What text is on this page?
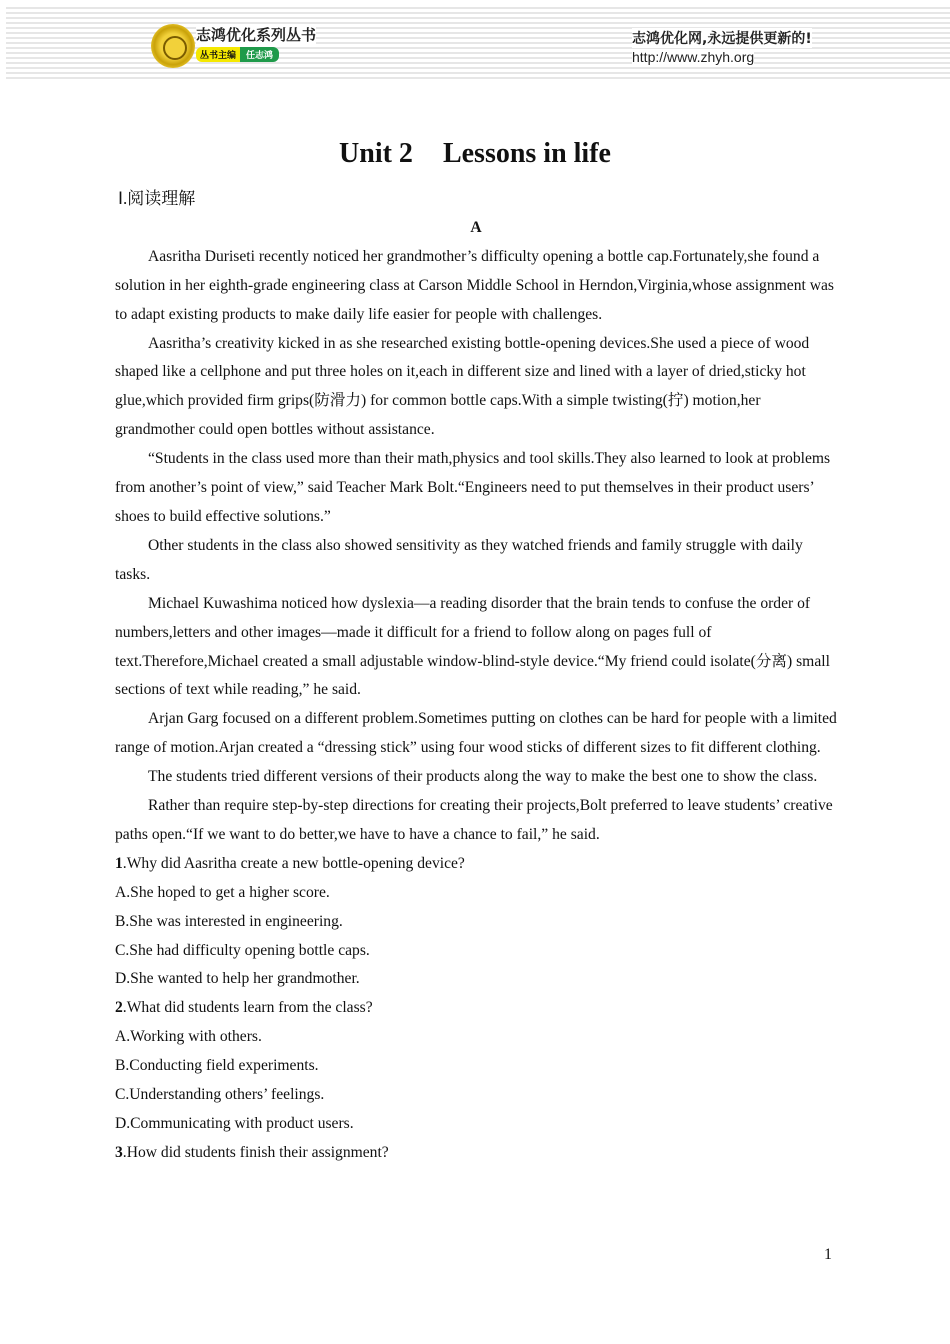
志鸿优化系列丛书
丛书主编	任志鸿
志鸿优化网,永远提供更新的!
http://www.zhyh.org
Unit 2 Lessons in life

Ⅰ.阅读理解

A

Aasritha Duriseti recently noticed her grandmother’s difficulty opening a bottle cap.Fortunately,she found a solution in her eighth-grade engineering class at Carson Middle School in Herndon,Virginia,whose assignment was to adapt existing products to make daily life easier for people with challenges.

Aasritha’s creativity kicked in as she researched existing bottle-opening devices.She used a piece of wood shaped like a cellphone and put three holes on it,each in different size and lined with a layer of dried,sticky hot glue,which provided firm grips(防滑力) for common bottle caps.With a simple twisting(拧) motion,her grandmother could open bottles without assistance.

“Students in the class used more than their math,physics and tool skills.They also learned to look at problems from another’s point of view,” said Teacher Mark Bolt.“Engineers need to put themselves in their product users’ shoes to build effective solutions.”

Other students in the class also showed sensitivity as they watched friends and family struggle with daily tasks.

Michael Kuwashima noticed how dyslexia—a reading disorder that the brain tends to confuse the order of numbers,letters and other images—made it difficult for a friend to follow along on pages full of text.Therefore,Michael created a small adjustable window-blind-style device.“My friend could isolate(分离) small sections of text while reading,” he said.

Arjan Garg focused on a different problem.Sometimes putting on clothes can be hard for people with a limited range of motion.Arjan created a “dressing stick” using four wood sticks of different sizes to fit different clothing.

The students tried different versions of their products along the way to make the best one to show the class.

Rather than require step-by-step directions for creating their projects,Bolt preferred to leave students’ creative paths open.“If we want to do better,we have to have a chance to fail,” he said.

1.Why did Aasritha create a new bottle-opening device?

A.She hoped to get a higher score.

B.She was interested in engineering.

C.She had difficulty opening bottle caps.

D.She wanted to help her grandmother.

2.What did students learn from the class?

A.Working with others.

B.Conducting field experiments.

C.Understanding others’ feelings.

D.Communicating with product users.

3.How did students finish their assignment?

1
